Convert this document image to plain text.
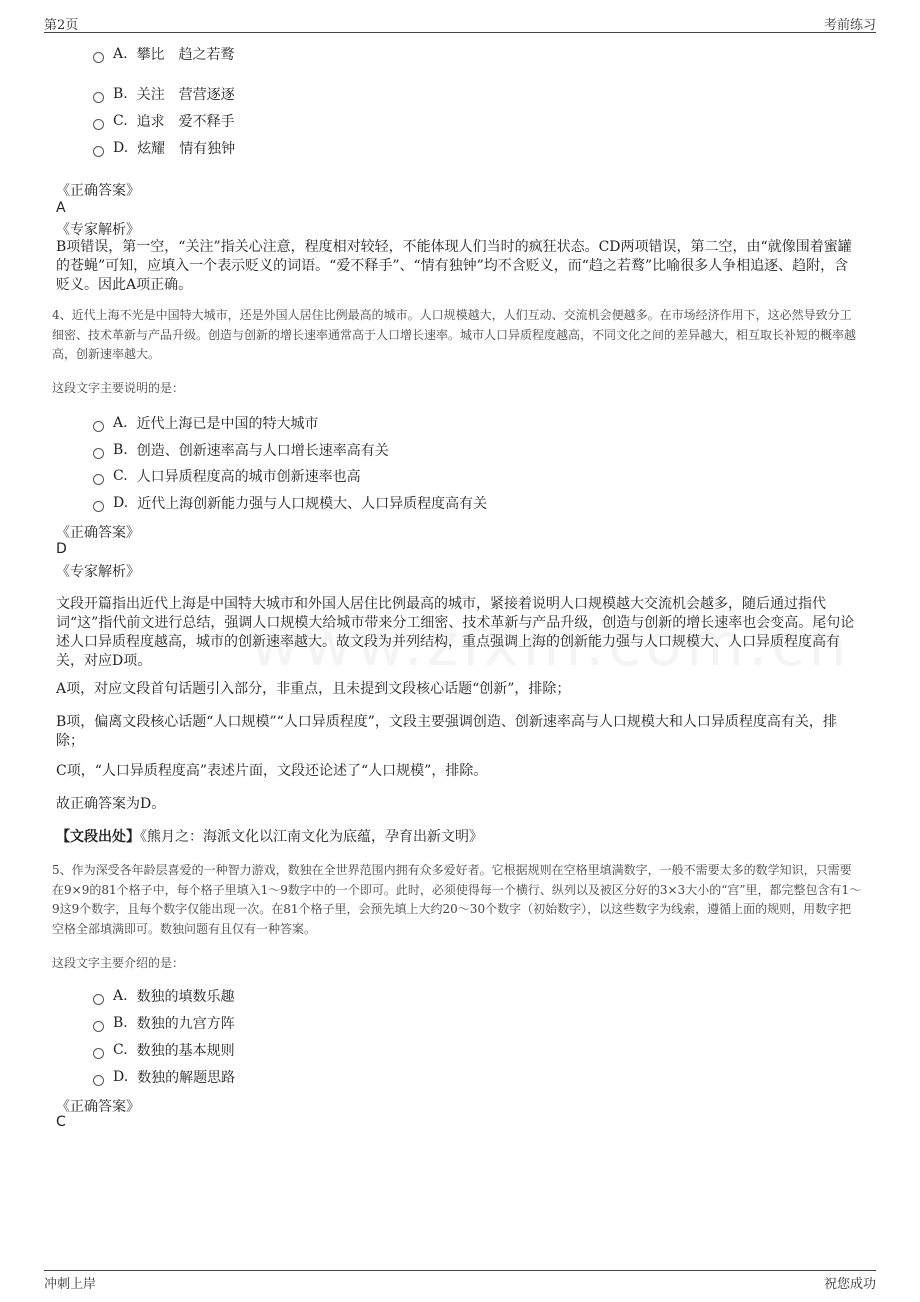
第2页	考前练习
A. 攀比 趋之若鹜
B. 关注 营营逐逐
C. 追求 爱不释手
D. 炫耀 情有独钟
《正确答案》
A
《专家解析》
B项错误，第一空，“关注”指关心注意，程度相对较轻，不能体现人们当时的疯狂状态。CD两项错误，第二空，由“就像围着蜜罐的苍蝇”可知，应填入一个表示贬义的词语。“爱不释手”、“情有独钟”均不含贬义，而“趋之若鹜”比喻很多人争相追逐、趋附，含贬义。因此A项正确。
4、近代上海不光是中国特大城市，还是外国人居住比例最高的城市。人口规模越大，人们互动、交流机会便越多。在市场经济作用下，这必然导致分工细密、技术革新与产品升级。创造与创新的增长速率通常高于人口增长速率。城市人口异质程度越高，不同文化之间的差异越大，相互取长补短的概率越高，创新速率越大。
这段文字主要说明的是：
A. 近代上海已是中国的特大城市
B. 创造、创新速率高与人口增长速率高有关
C. 人口异质程度高的城市创新速率也高
D. 近代上海创新能力强与人口规模大、人口异质程度高有关
《正确答案》
D
《专家解析》
文段开篇指出近代上海是中国特大城市和外国人居住比例最高的城市，紧接着说明人口规模越大交流机会越多，随后通过指代词“这”指代前文进行总结，强调人口规模大给城市带来分工细密、技术革新与产品升级，创造与创新的增长速率也会变高。尾句论述人口异质程度越高，城市的创新速率越大。故文段为并列结构，重点强调上海的创新能力强与人口规模大、人口异质程度高有关，对应D项。
A项，对应文段首句话题引入部分，非重点，且未提到文段核心话题“创新”，排除；
B项，偏离文段核心话题“人口规模”“人口异质程度”，文段主要强调创造、创新速率高与人口规模大和人口异质程度高有关，排除；
C项，“人口异质程度高”表述片面，文段还论述了“人口规模”，排除。
故正确答案为D。
【文段出处】《熊月之：海派文化以江南文化为底蕴，孕育出新文明》
5、作为深受各年龄层喜爱的一种智力游戏，数独在全世界范围内拥有众多爱好者。它根据规则在空格里填满数字，一般不需要太多的数学知识，只需要在9×9的81个格子中，每个格子里填入1～9数字中的一个即可。此时，必须使得每一个横行、纵列以及被区分好的3×3大小的“宫”里，都完整包含有1～9这9个数字，且每个数字仅能出现一次。在81个格子里，会预先填上大约20～30个数字（初始数字），以这些数字为线索，遵循上面的规则，用数字把空格全部填满即可。数独问题有且仅有一种答案。
这段文字主要介绍的是：
A. 数独的填数乐趣
B. 数独的九宫方阵
C. 数独的基本规则
D. 数独的解题思路
《正确答案》
C
冲刺上岸	祝您成功
